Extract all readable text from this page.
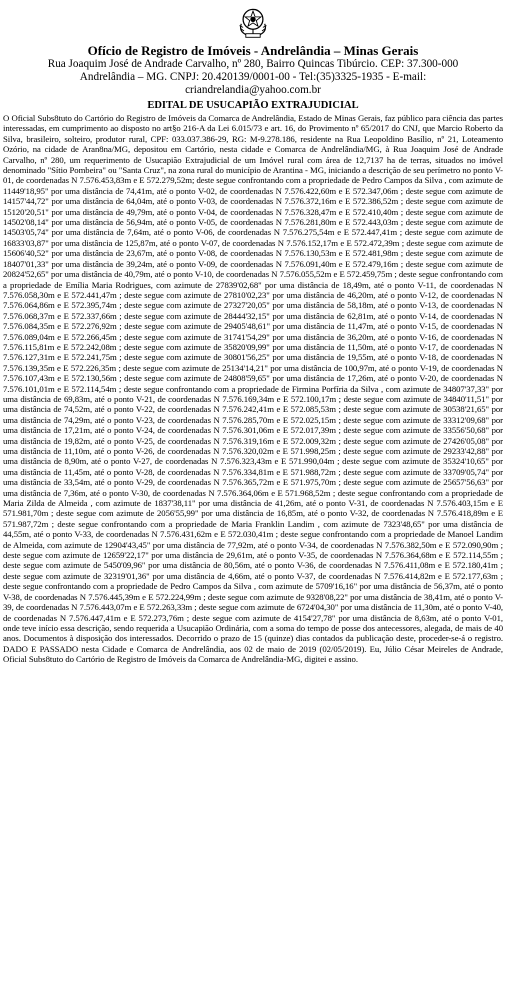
Ofício de Registro de Imóveis - Andrelândia – Minas Gerais
Rua Joaquim José de Andrade Carvalho, nº 280, Bairro Quincas Tibúrcio. CEP: 37.300-000
Andrelândia – MG. CNPJ: 20.420139/0001-00 - Tel:(35)3325-1935 - E-mail:
criandrelandia@yahoo.com.br
EDITAL DE USUCAPIÃO EXTRAJUDICIAL

O Oficial Subs8tuto do Cartório do Registro de Imóveis da Comarca de Andrelândia, Estado de Minas Gerais, faz público para ciência das partes interessadas, em cumprimento ao disposto no art§o 216-A da Lei 6.015/73 e art. 16, do Provimento nº 65/2017 do CNJ, que Marcio Roberto da Silva, brasileiro, solteiro, produtor rural, CPF: 033.037.386-29, RG: M-9.278.186, residente na Rua Leopoldino Basílio, nº 21, Loteamento Ozório, na cidade de Aran8na/MG, depositou em Cartório, nesta cidade e Comarca de Andrelândia/MG, à Rua Joaquim José de Andrade Carvalho, nº 280, um requerimento de Usucapião Extrajudicial de um Imóvel rural com área de 12,7137 ha de terras, situados no imóvel denominado "Sítio Pombeira" ou "Santa Cruz", na zona rural do município de Arantina - MG, iniciando a descrição de seu perímetro no ponto V-01, de coordenadas N 7.576.453,83m e E 572.279,52m; deste segue confrontando com a propriedade de Pedro Campos da Silva , com azimute de 11449'18,95" por uma distância de 74,41m, até o ponto V-02, de coordenadas N 7.576.422,60m e E 572.347,06m ; deste segue com azimute de 14157'44,72" por uma distância de 64,04m, até o ponto V-03, de coordenadas N 7.576.372,16m e E 572.386,52m ; deste segue com azimute de 15120'20,51" por uma distância de 49,79m, até o ponto V-04, de coordenadas N 7.576.328,47m e E 572.410,40m ; deste segue com azimute de 14502'08,14" por uma distância de 56,94m, até o ponto V-05, de coordenadas N 7.576.281,80m e E 572.443,03m ; deste segue com azimute de 14503'05,74" por uma distância de 7,64m, até o ponto V-06, de coordenadas N 7.576.275,54m e E 572.447,41m ; deste segue com azimute de 16833'03,87" por uma distância de 125,87m, até o ponto V-07, de coordenadas N 7.576.152,17m e E 572.472,39m ; deste segue com azimute de 15606'40,52" por uma distância de 23,67m, até o ponto V-08, de coordenadas N 7.576.130,53m e E 572.481,98m ; deste segue com azimute de 18407'01,33" por uma distância de 39,24m, até o ponto V-09, de coordenadas N 7.576.091,40m e E 572.479,16m ; deste segue com azimute de 20824'52,65" por uma distância de 40,79m, até o ponto V-10, de coordenadas N 7.576.055,52m e E 572.459,75m ; deste segue confrontando com a propriedade de Emília Maria Rodrigues, com azimute de 27839'02,68" por uma distância de 18,49m, até o ponto V-11, de coordenadas N 7.576.058,30m e E 572.441,47m ; deste segue com azimute de 27810'02,23" por uma distância de 46,20m, até o ponto V-12, de coordenadas N 7.576.064,86m e E 572.395,74m ; deste segue com azimute de 27327'20,05" por uma distância de 58,18m, até o ponto V-13, de coordenadas N 7.576.068,37m e E 572.337,66m ; deste segue com azimute de 28444'32,15" por uma distância de 62,81m, até o ponto V-14, de coordenadas N 7.576.084,35m e E 572.276,92m ; deste segue com azimute de 29405'48,61" por uma distância de 11,47m, até o ponto V-15, de coordenadas N 7.576.089,04m e E 572.266,45m ; deste segue com azimute de 31741'54,29" por uma distância de 36,20m, até o ponto V-16, de coordenadas N 7.576.115,81m e E 572.242,08m ; deste segue com azimute de 35820'09,99" por uma distância de 11,50m, até o ponto V-17, de coordenadas N 7.576.127,31m e E 572.241,75m ; deste segue com azimute de 30801'56,25" por uma distância de 19,55m, até o ponto V-18, de coordenadas N 7.576.139,35m e E 572.226,35m ; deste segue com azimute de 25134'14,21" por uma distância de 100,97m, até o ponto V-19, de coordenadas N 7.576.107,43m e E 572.130,56m ; deste segue com azimute de 24808'59,65" por uma distância de 17,26m, até o ponto V-20, de coordenadas N 7.576.101,01m e E 572.114,54m ; deste segue confrontando com a propriedade de Firmina Porfíria da Silva , com azimute de 34807'37,33" por uma distância de 69,83m, até o ponto V-21, de coordenadas N 7.576.169,34m e E 572.100,17m ; deste segue com azimute de 34840'11,51" por uma distância de 74,52m, até o ponto V-22, de coordenadas N 7.576.242,41m e E 572.085,53m ; deste segue com azimute de 30538'21,65" por uma distância de 74,29m, até o ponto V-23, de coordenadas N 7.576.285,70m e E 572.025,15m ; deste segue com azimute de 33312'09,68" por uma distância de 17,21m, até o ponto V-24, de coordenadas N 7.576.301,06m e E 572.017,39m ; deste segue com azimute de 33556'50,68" por uma distância de 19,82m, até o ponto V-25, de coordenadas N 7.576.319,16m e E 572.009,32m ; deste segue com azimute de 27426'05,08" por uma distância de 11,10m, até o ponto V-26, de coordenadas N 7.576.320,02m e E 571.998,25m ; deste segue com azimute de 29233'42,88" por uma distância de 8,90m, até o ponto V-27, de coordenadas N 7.576.323,43m e E 571.990,04m ; deste segue com azimute de 35324'10,65" por uma distância de 11,45m, até o ponto V-28, de coordenadas N 7.576.334,81m e E 571.988,72m ; deste segue com azimute de 33709'05,74" por uma distância de 33,54m, até o ponto V-29, de coordenadas N 7.576.365,72m e E 571.975,70m ; deste segue com azimute de 25657'56,63" por uma distância de 7,36m, até o ponto V-30, de coordenadas N 7.576.364,06m e E 571.968,52m ; deste segue confrontando com a propriedade de Maria Zilda de Almeida , com azimute de 1837'38,11" por uma distância de 41,26m, até o ponto V-31, de coordenadas N 7.576.403,15m e E 571.981,70m ; deste segue com azimute de 2056'55,99" por uma distância de 16,85m, até o ponto V-32, de coordenadas N 7.576.418,89m e E 571.987,72m ; deste segue confrontando com a propriedade de Maria Franklin Landim , com azimute de 7323'48,65" por uma distância de 44,55m, até o ponto V-33, de coordenadas N 7.576.431,62m e E 572.030,41m ; deste segue confrontando com a propriedade de Manoel Landim de Almeida, com azimute de 12904'43,45" por uma distância de 77,92m, até o ponto V-34, de coordenadas N 7.576.382,50m e E 572.090,90m ; deste segue com azimute de 12659'22,17" por uma distância de 29,61m, até o ponto V-35, de coordenadas N 7.576.364,68m e E 572.114,55m ; deste segue com azimute de 5450'09,96" por uma distância de 80,56m, até o ponto V-36, de coordenadas N 7.576.411,08m e E 572.180,41m ; deste segue com azimute de 32319'01,36" por uma distância de 4,66m, até o ponto V-37, de coordenadas N 7.576.414,82m e E 572.177,63m ; deste segue confrontando com a propriedade de Pedro Campos da Silva , com azimute de 5709'16,16" por uma distância de 56,37m, até o ponto V-38, de coordenadas N 7.576.445,39m e E 572.224,99m ; deste segue com azimute de 9328'08,22" por uma distância de 38,41m, até o ponto V-39, de coordenadas N 7.576.443,07m e E 572.263,33m ; deste segue com azimute de 6724'04,30" por uma distância de 11,30m, até o ponto V-40, de coordenadas N 7.576.447,41m e E 572.273,76m ; deste segue com azimute de 4154'27,78" por uma distância de 8,63m, até o ponto V-01, onde teve início essa descrição, sendo requerida a Usucapião Ordinária, com a soma do tempo de posse dos antecessores, alegada, de mais de 40 anos. Documentos à disposição dos interessados. Decorrido o prazo de 15 (quinze) dias contados da publicação deste, proceder-se-á o registro. DADO E PASSADO nesta Cidade e Comarca de Andrelândia, aos 02 de maio de 2019 (02/05/2019). Eu, Júlio César Meireles de Andrade, Oficial Subs8tuto do Cartório de Registro de Imóveis da Comarca de Andrelândia-MG, digitei e assino.
